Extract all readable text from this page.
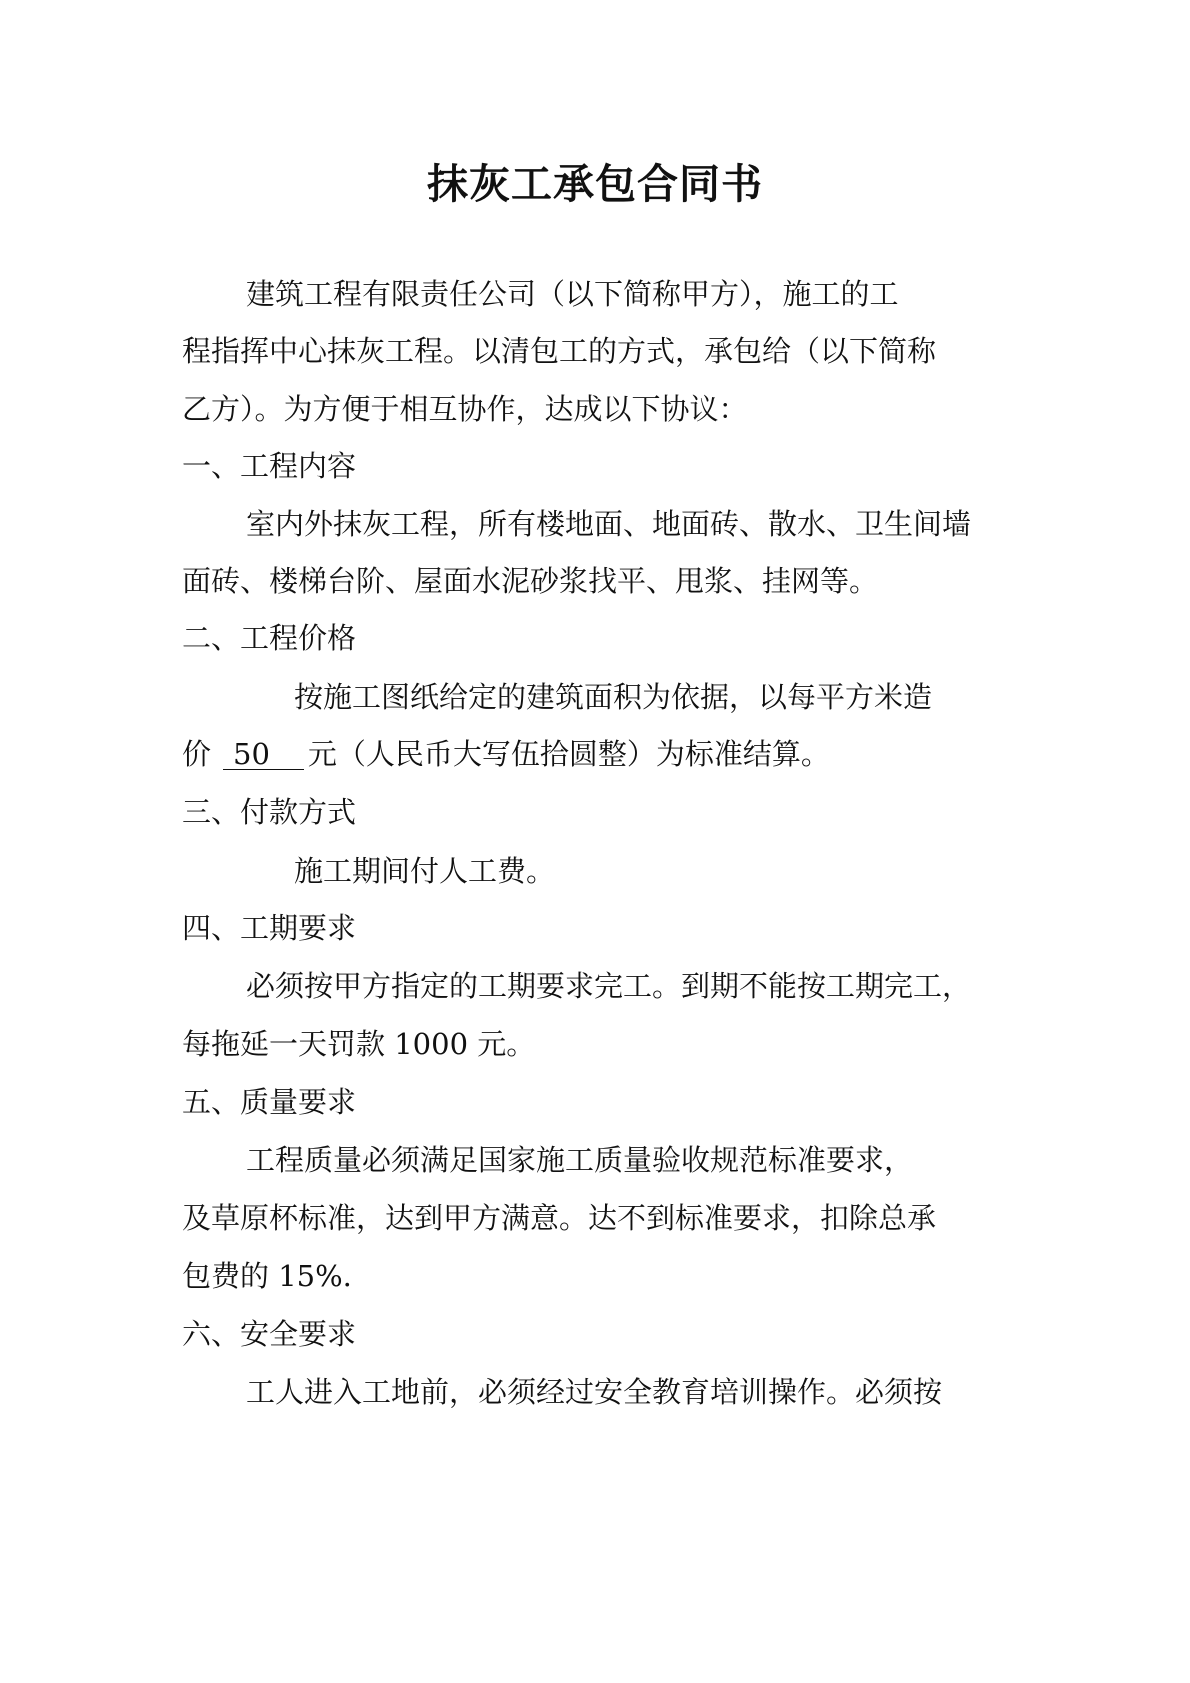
抹灰工承包合同书
建筑工程有限责任公司（以下简称甲方），施工的工
程指挥中心抹灰工程。以清包工的方式，承包给（以下简称
乙方）。为方便于相互协作，达成以下协议：
一、工程内容
室内外抹灰工程，所有楼地面、地面砖、散水、卫生间墙
面砖、楼梯台阶、屋面水泥砂浆找平、甩浆、挂网等。
二、工程价格
按施工图纸给定的建筑面积为依据，以每平方米造
价 50 元（人民币大写伍拾圆整）为标准结算。
三、付款方式
施工期间付人工费。
四、工期要求
必须按甲方指定的工期要求完工。到期不能按工期完工，
每拖延一天罚款 1000 元。
五、质量要求
工程质量必须满足国家施工质量验收规范标准要求，
及草原杯标准，达到甲方满意。达不到标准要求，扣除总承
包费的 15%.
六、安全要求
工人进入工地前，必须经过安全教育培训操作。必须按
